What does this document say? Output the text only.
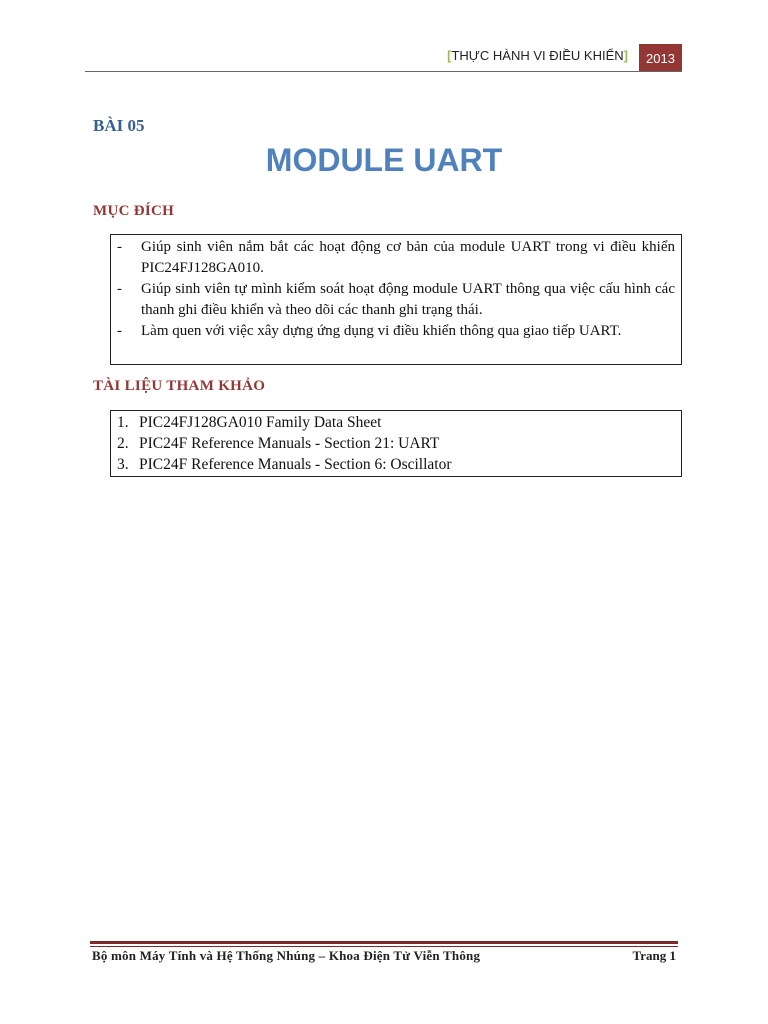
[THỰC HÀNH VI ĐIỀU KHIỂN]	2013
BÀI 05
MODULE UART
MỤC ĐÍCH
- Giúp sinh viên nắm bắt các hoạt động cơ bản của module UART trong vi điều khiển PIC24FJ128GA010.
- Giúp sinh viên tự mình kiểm soát hoạt động module UART thông qua việc cấu hình các thanh ghi điều khiển và theo dõi các thanh ghi trạng thái.
- Làm quen với việc xây dựng ứng dụng vi điều khiển thông qua giao tiếp UART.
TÀI LIỆU THAM KHẢO
1. PIC24FJ128GA010 Family Data Sheet
2. PIC24F Reference Manuals - Section 21: UART
3. PIC24F Reference Manuals - Section 6: Oscillator
Bộ môn Máy Tính và Hệ Thống Nhúng – Khoa Điện Tử Viễn Thông	Trang 1
